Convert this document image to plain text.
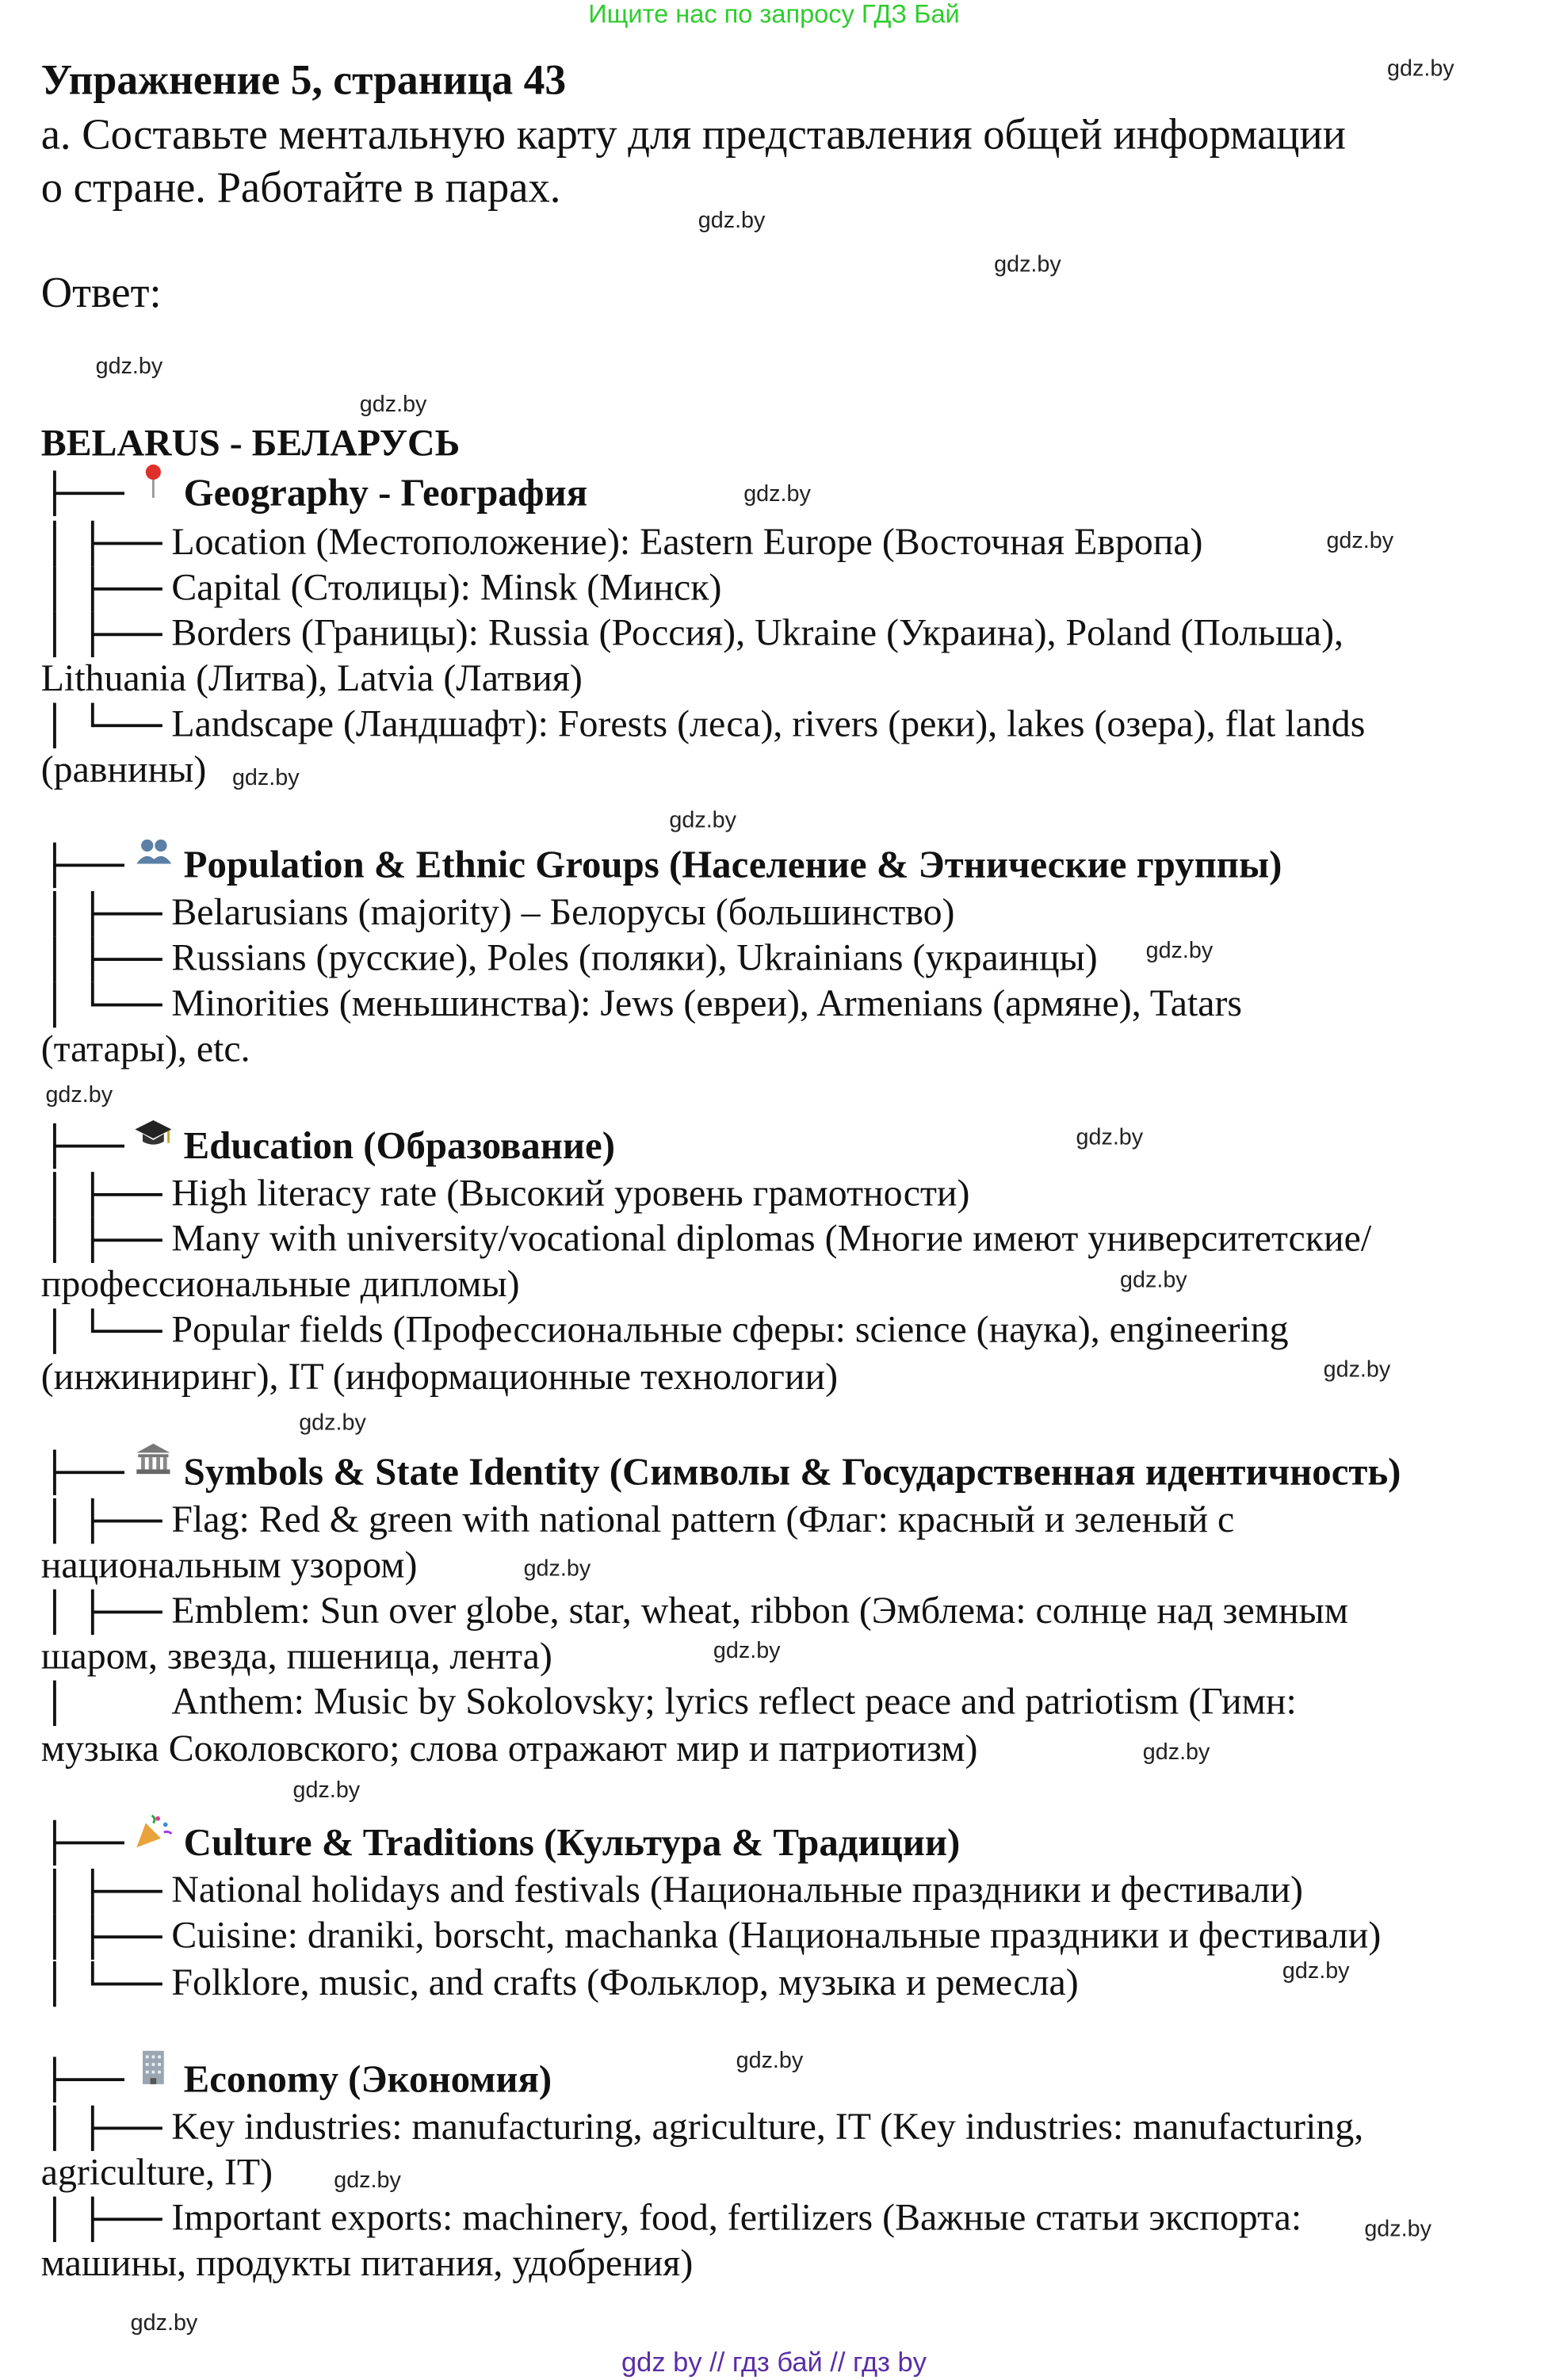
Ищите нас по запросу ГДЗ Бай
Упражнение 5, страница 43
а. Составьте ментальную карту для представления общей информации
о стране. Работайте в парах.
Ответ:
BELARUS - БЕЛАРУСЬ
Geography - География
Location (Местоположение): Eastern Europe (Восточная Европа)
Capital (Столицы): Minsk (Минск)
Borders (Границы): Russia (Россия), Ukraine (Украина), Poland (Польша),
Lithuania (Литва), Latvia (Латвия)
Landscape (Ландшафт): Forests (леса), rivers (реки), lakes (озера), flat lands
(равнины)
Population & Ethnic Groups (Население & Этнические группы)
Belarusians (majority) – Белорусы (большинство)
Russians (русские), Poles (поляки), Ukrainians (украинцы)
Minorities (меньшинства): Jews (евреи), Armenians (армяне), Tatars
(татары), etc.
Education (Образование)
High literacy rate (Высокий уровень грамотности)
Many with university/vocational diplomas (Многие имеют университетские/
профессиональные дипломы)
Popular fields (Профессиональные сферы: science (наука), engineering
(инжиниринг), IT (информационные технологии)
Symbols & State Identity (Символы & Государственная идентичность)
Flag: Red & green with national pattern (Флаг: красный и зеленый с
национальным узором)
Emblem: Sun over globe, star, wheat, ribbon (Эмблема: солнце над земным
шаром, звезда, пшеница, лента)
Anthem: Music by Sokolovsky; lyrics reflect peace and patriotism (Гимн:
музыка Соколовского; слова отражают мир и патриотизм)
Culture & Traditions (Культура & Традиции)
National holidays and festivals (Национальные праздники и фестивали)
Cuisine: draniki, borscht, machanka (Национальные праздники и фестивали)
Folklore, music, and crafts (Фольклор, музыка и ремесла)
Economy (Экономия)
Key industries: manufacturing, agriculture, IT (Key industries: manufacturing,
agriculture, IT)
Important exports: machinery, food, fertilizers (Важные статьи экспорта:
машины, продукты питания, удобрения)
gdz.by
gdz.by
gdz.by
gdz.by
gdz.by
gdz.by
gdz.by
gdz.by
gdz.by
gdz.by
gdz.by
gdz.by
gdz.by
gdz.by
gdz.by
gdz.by
gdz.by
gdz.by
gdz.by
gdz.by
gdz.by
gdz.by
gdz.by
gdz.by
gdz by // гдз бай // гдз by
